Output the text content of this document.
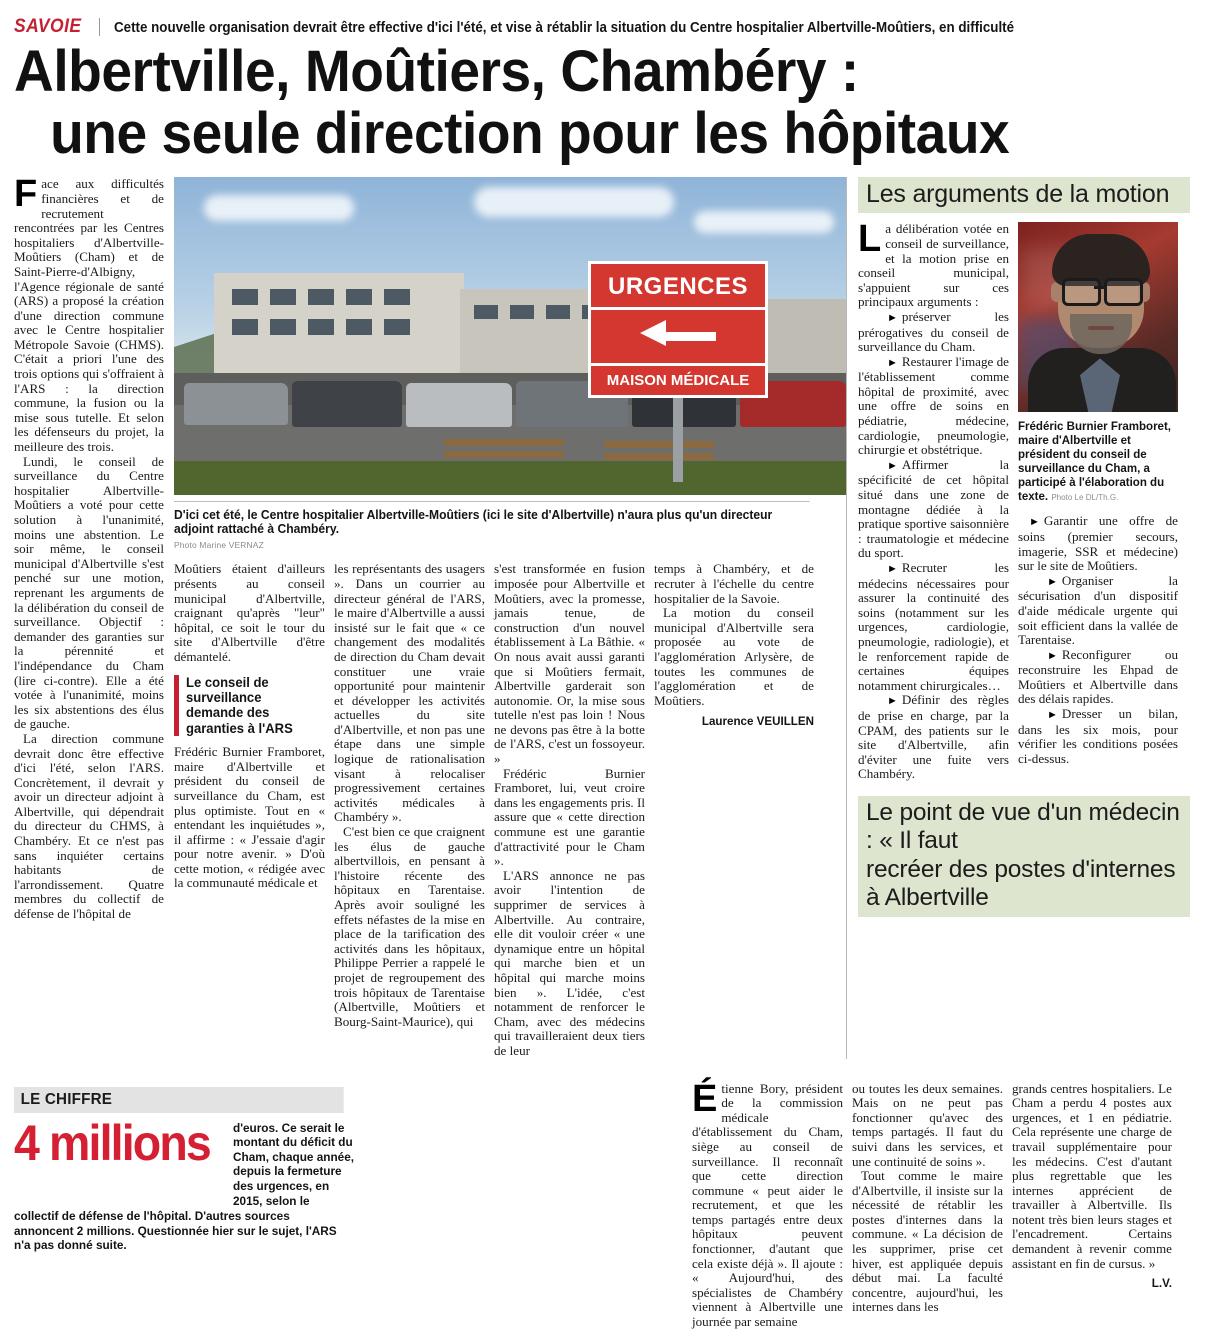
SAVOIE Cette nouvelle organisation devrait être effective d'ici l'été, et vise à rétablir la situation du Centre hospitalier Albertville-Moûtiers, en difficulté
Albertville, Moûtiers, Chambéry :
une seule direction pour les hôpitaux

Face aux difficultés financières et de recrutement rencontrées par les Centres hospitaliers d'Albertville-Moûtiers (Cham) et de Saint-Pierre-d'Albigny, l'Agence régionale de santé (ARS) a proposé la création d'une direction commune avec le Centre hospitalier Métropole Savoie (CHMS). C'était a priori l'une des trois options qui s'offraient à l'ARS : la direction commune, la fusion ou la mise sous tutelle. Et selon les défenseurs du projet, la meilleure des trois.

Lundi, le conseil de surveillance du Centre hospitalier Albertville-Moûtiers a voté pour cette solution à l'unanimité, moins une abstention. Le soir même, le conseil municipal d'Albertville s'est penché sur une motion, reprenant les arguments de la délibération du conseil de surveillance. Objectif : demander des garanties sur la pérennité et l'indépendance du Cham (lire ci-contre). Elle a été votée à l'unanimité, moins les six abstentions des élus de gauche.

La direction commune devrait donc être effective d'ici l'été, selon l'ARS. Concrètement, il devrait y avoir un directeur adjoint à Albertville, qui dépendrait du directeur du CHMS, à Chambéry. Et ce n'est pas sans inquiéter certains habitants de l'arrondissement. Quatre membres du collectif de défense de l'hôpital de

URGENCES
MAISON MÉDICALE
D'ici cet été, le Centre hospitalier Albertville-Moûtiers (ici le site d'Albertville) n'aura plus qu'un directeur adjoint rattaché à Chambéry.
Photo Marine VERNAZ

Moûtiers étaient d'ailleurs présents au conseil municipal d'Albertville, craignant qu'après "leur" hôpital, ce soit le tour du site d'Albertville d'être démantelé.

Le conseil de surveillance demande des garanties à l'ARS

Frédéric Burnier Framboret, maire d'Albertville et président du conseil de surveillance du Cham, est plus optimiste. Tout en « entendant les inquiétudes », il affirme : « J'essaie d'agir pour notre avenir. » D'où cette motion, « rédigée avec la communauté médicale et

les représentants des usagers ». Dans un courrier au directeur général de l'ARS, le maire d'Albertville a aussi insisté sur le fait que « ce changement des modalités de direction du Cham devait constituer une vraie opportunité pour maintenir et développer les activités actuelles du site d'Albertville, et non pas une étape dans une simple logique de rationalisation visant à relocaliser progressivement certaines activités médicales à Chambéry ».

C'est bien ce que craignent les élus de gauche albertvillois, en pensant à l'histoire récente des hôpitaux en Tarentaise. Après avoir souligné les effets néfastes de la mise en place de la tarification des activités dans les hôpitaux, Philippe Perrier a rappelé le projet de regroupement des trois hôpitaux de Tarentaise (Albertville, Moûtiers et Bourg-Saint-Maurice), qui

s'est transformée en fusion imposée pour Albertville et Moûtiers, avec la promesse, jamais tenue, de construction d'un nouvel établissement à La Bâthie. « On nous avait aussi garanti que si Moûtiers fermait, Albertville garderait son autonomie. Or, la mise sous tutelle n'est pas loin ! Nous ne devons pas être à la botte de l'ARS, c'est un fossoyeur. »

Frédéric Burnier Framboret, lui, veut croire dans les engagements pris. Il assure que « cette direction commune est une garantie d'attractivité pour le Cham ».

L'ARS annonce ne pas avoir l'intention de supprimer de services à Albertville. Au contraire, elle dit vouloir créer « une dynamique entre un hôpital qui marche bien et un hôpital qui marche moins bien ». L'idée, c'est notamment de renforcer le Cham, avec des médecins qui travailleraient deux tiers de leur

temps à Chambéry, et de recruter à l'échelle du centre hospitalier de la Savoie.

La motion du conseil municipal d'Albertville sera proposée au vote de l'agglomération Arlysère, de toutes les communes de l'agglomération et de Moûtiers.

Laurence VEUILLEN
Les arguments de la motion

La délibération votée en conseil de surveillance, et la motion prise en conseil municipal, s'appuient sur ces principaux arguments :

► préserver les prérogatives du conseil de surveillance du Cham.

► Restaurer l'image de l'établissement comme hôpital de proximité, avec une offre de soins en pédiatrie, médecine, cardiologie, pneumologie, chirurgie et obstétrique.

► Affirmer la spécificité de cet hôpital situé dans une zone de montagne dédiée à la pratique sportive saisonnière : traumatologie et médecine du sport.

► Recruter les médecins nécessaires pour assurer la continuité des soins (notamment sur les urgences, cardiologie, pneumologie, radiologie), et le renforcement rapide de certaines équipes notamment chirurgicales…

► Définir des règles de prise en charge, par la CPAM, des patients sur le site d'Albertville, afin d'éviter une fuite vers Chambéry.

Frédéric Burnier Framboret, maire d'Albertville et président du conseil de surveillance du Cham, a participé à l'élaboration du texte. Photo Le DL/Th.G.

► Garantir une offre de soins (premier secours, imagerie, SSR et médecine) sur le site de Moûtiers.

► Organiser la sécurisation d'un dispositif d'aide médicale urgente qui soit efficient dans la vallée de Tarentaise.

► Reconfigurer ou reconstruire les Ehpad de Moûtiers et Albertville dans des délais rapides.

► Dresser un bilan, dans les six mois, pour vérifier les conditions posées ci-dessus.

Le point de vue d'un médecin : « Il faut
recréer des postes d'internes à Albertville
LE CHIFFRE
4 millions d'euros. Ce serait le montant du déficit du Cham, chaque année, depuis la fermeture des urgences, en 2015, selon le
collectif de défense de l'hôpital. D'autres sources annoncent 2 millions. Questionnée hier sur le sujet, l'ARS n'a pas donné suite.

Étienne Bory, président de la commission médicale d'établissement du Cham, siège au conseil de surveillance. Il reconnaît que cette direction commune « peut aider le recrutement, et que les temps partagés entre deux hôpitaux peuvent fonctionner, d'autant que cela existe déjà ». Il ajoute : « Aujourd'hui, des spécialistes de Chambéry viennent à Albertville une journée par semaine

ou toutes les deux semaines. Mais on ne peut pas fonctionner qu'avec des temps partagés. Il faut du suivi dans les services, et une continuité de soins ».

Tout comme le maire d'Albertville, il insiste sur la nécessité de rétablir les postes d'internes dans la commune. « La décision de les supprimer, prise cet hiver, est appliquée depuis début mai. La faculté concentre, aujourd'hui, les internes dans les

grands centres hospitaliers. Le Cham a perdu 4 postes aux urgences, et 1 en pédiatrie. Cela représente une charge de travail supplémentaire pour les médecins. C'est d'autant plus regrettable que les internes apprécient de travailler à Albertville. Ils notent très bien leurs stages et l'encadrement. Certains demandent à revenir comme assistant en fin de cursus. »

L.V.
